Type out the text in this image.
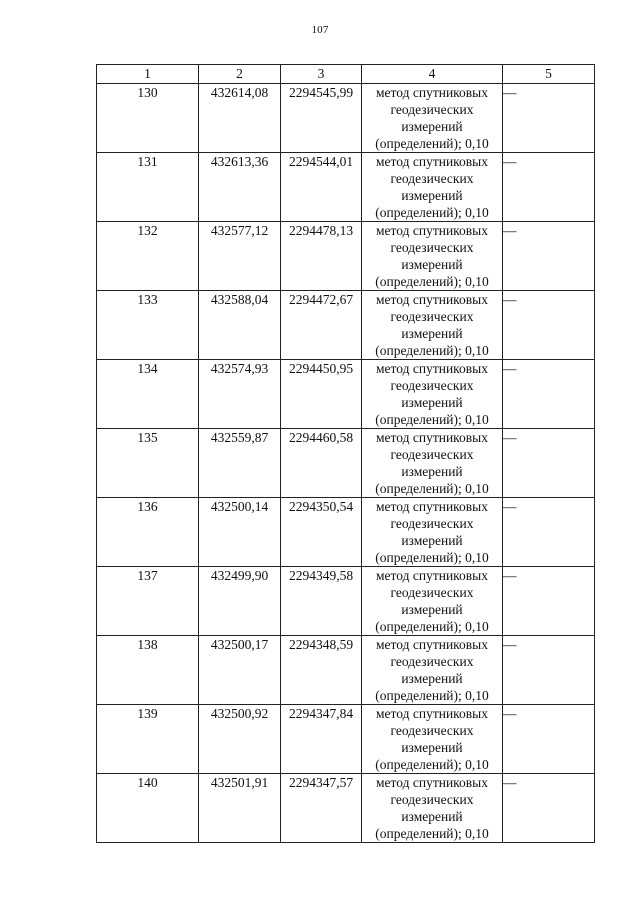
107
1	2	3	4	5
130	432614,08	2294545,99	метод спутниковых
геодезических
измерений
(определений); 0,10	—
131	432613,36	2294544,01	метод спутниковых
геодезических
измерений
(определений); 0,10	—
132	432577,12	2294478,13	метод спутниковых
геодезических
измерений
(определений); 0,10	—
133	432588,04	2294472,67	метод спутниковых
геодезических
измерений
(определений); 0,10	—
134	432574,93	2294450,95	метод спутниковых
геодезических
измерений
(определений); 0,10	—
135	432559,87	2294460,58	метод спутниковых
геодезических
измерений
(определений); 0,10	—
136	432500,14	2294350,54	метод спутниковых
геодезических
измерений
(определений); 0,10	—
137	432499,90	2294349,58	метод спутниковых
геодезических
измерений
(определений); 0,10	—
138	432500,17	2294348,59	метод спутниковых
геодезических
измерений
(определений); 0,10	—
139	432500,92	2294347,84	метод спутниковых
геодезических
измерений
(определений); 0,10	—
140	432501,91	2294347,57	метод спутниковых
геодезических
измерений
(определений); 0,10	—
